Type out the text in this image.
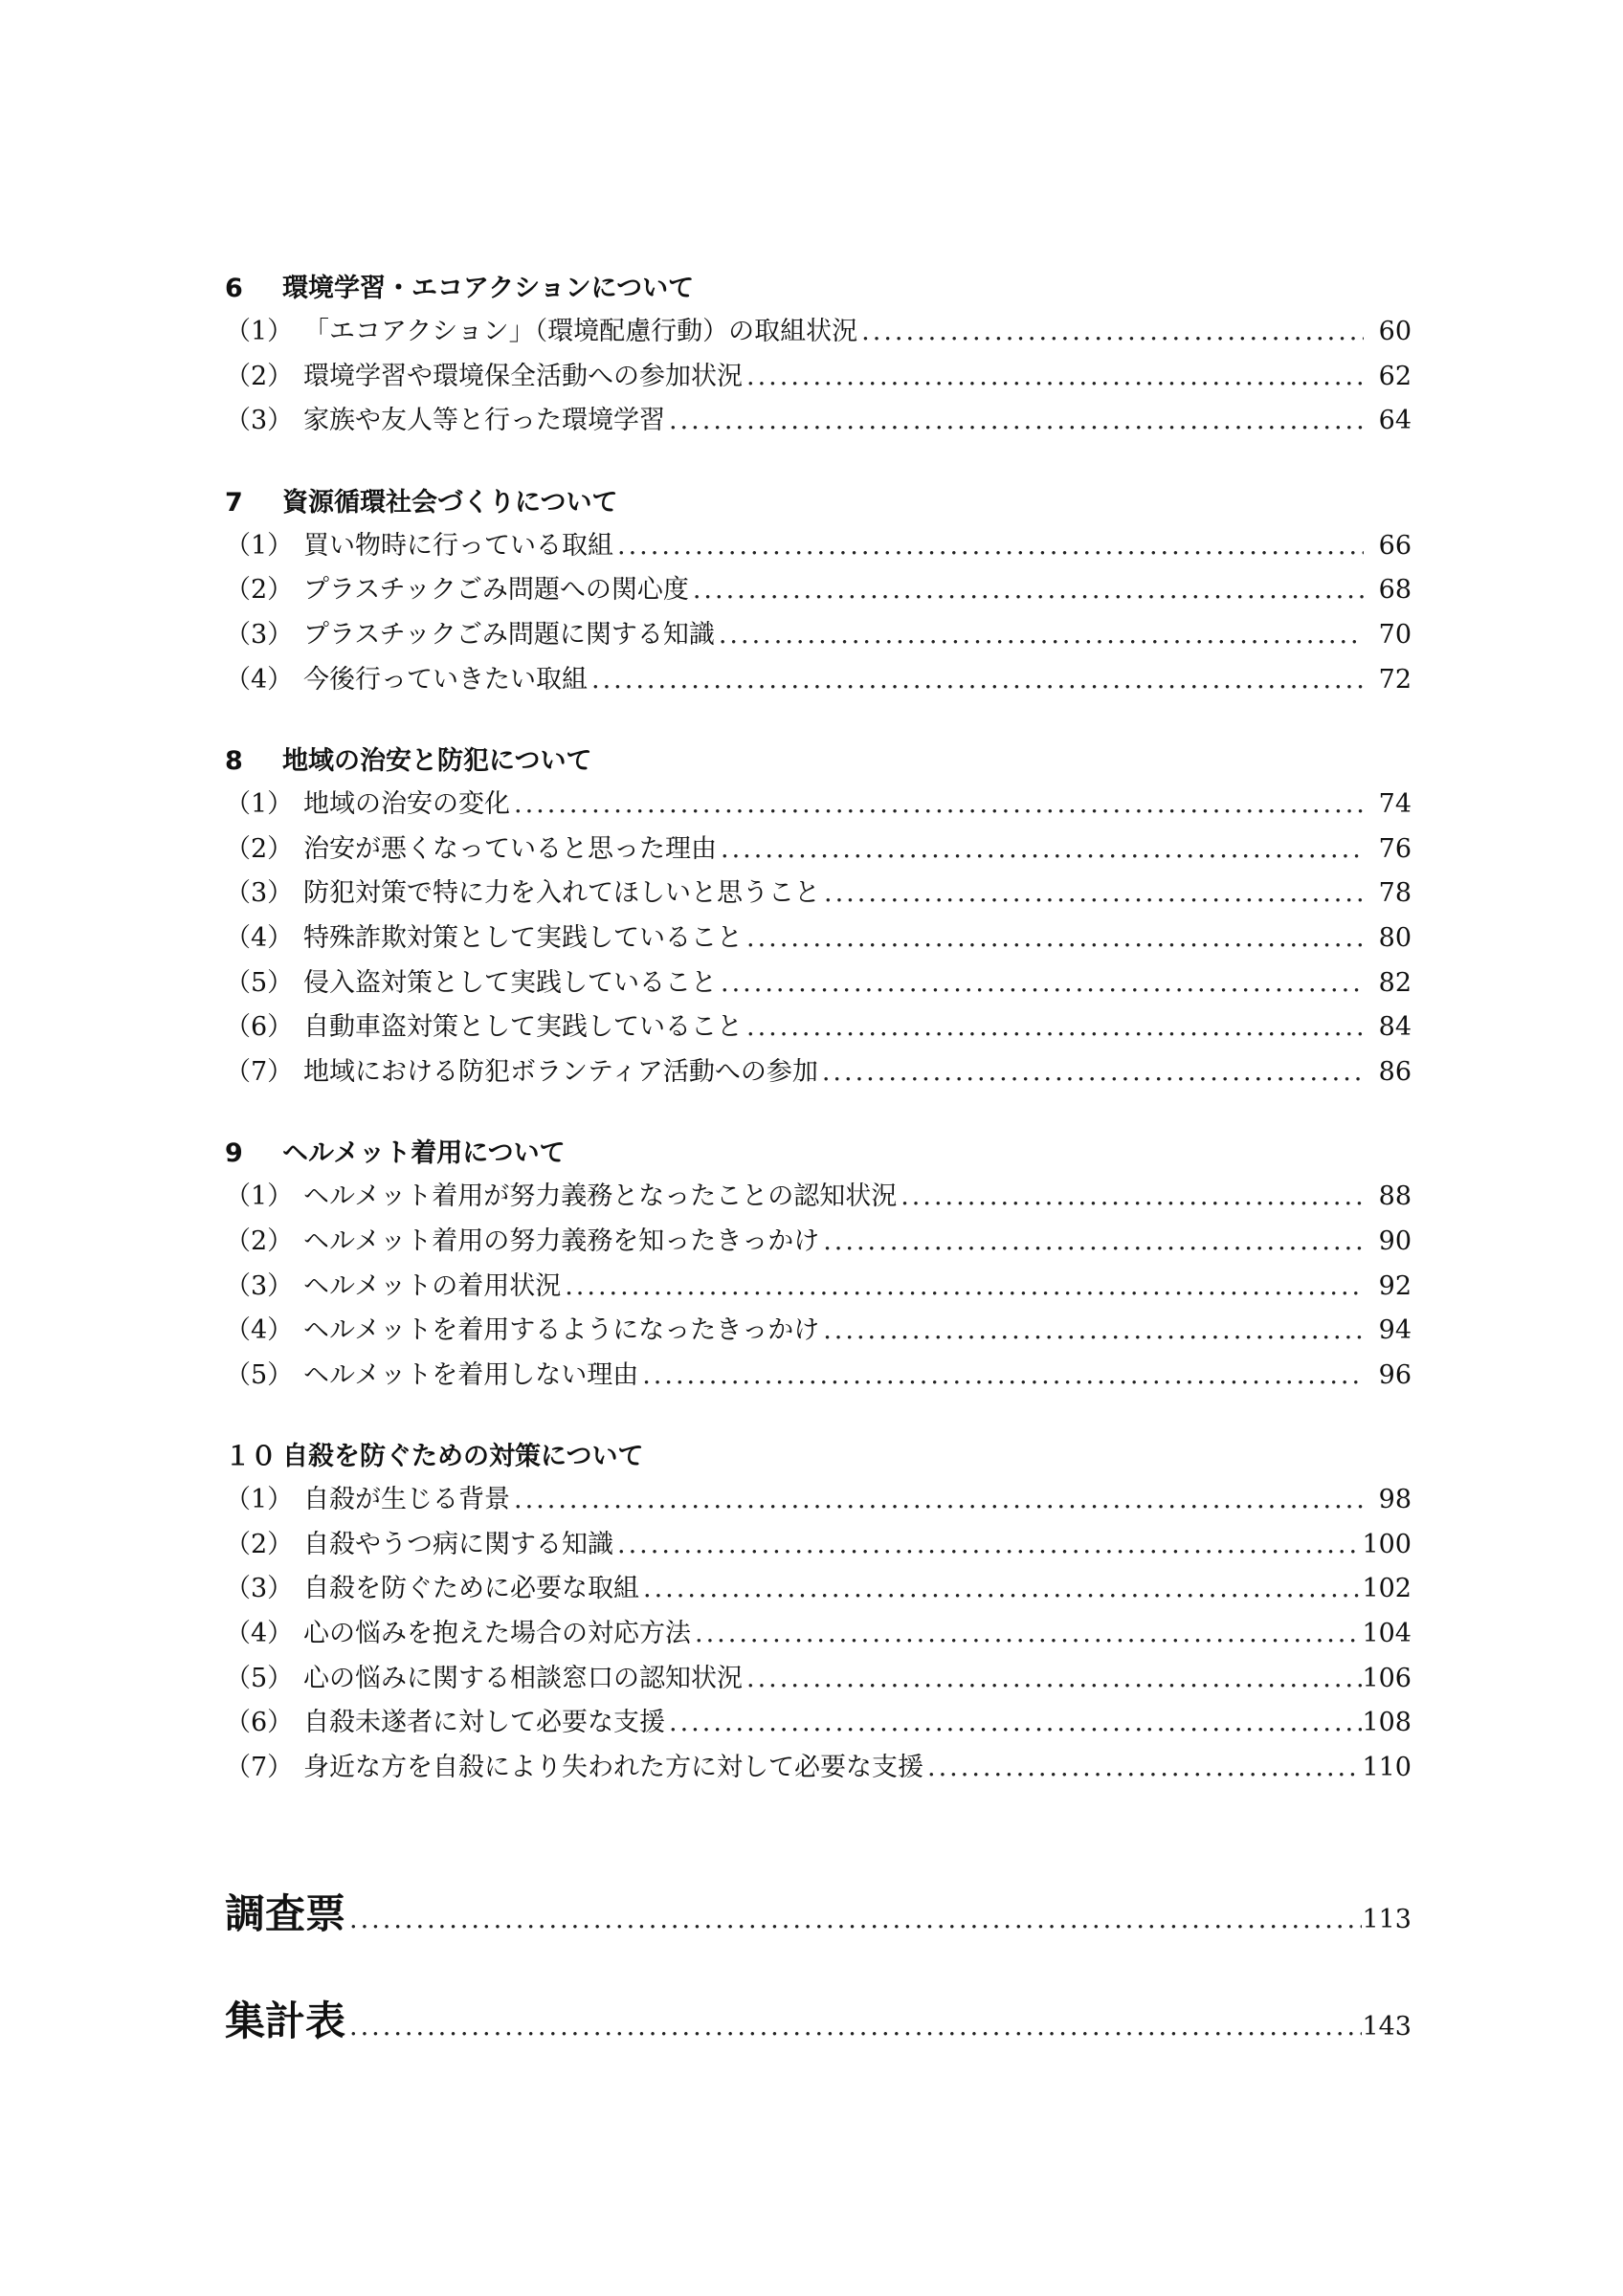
6 環境学習・エコアクションについて
（1） 「エコアクション」（環境配慮行動）の取組状況 .....	60
（2） 環境学習や環境保全活動への参加状況 .....	62
（3） 家族や友人等と行った環境学習 .....	64
7 資源循環社会づくりについて
（1） 買い物時に行っている取組 .....	66
（2） プラスチックごみ問題への関心度 .....	68
（3） プラスチックごみ問題に関する知識 .....	70
（4） 今後行っていきたい取組 .....	72
8 地域の治安と防犯について
（1） 地域の治安の変化 .....	74
（2） 治安が悪くなっていると思った理由 .....	76
（3） 防犯対策で特に力を入れてほしいと思うこと .....	78
（4） 特殊詐欺対策として実践していること .....	80
（5） 侵入盗対策として実践していること .....	82
（6） 自動車盗対策として実践していること .....	84
（7） 地域における防犯ボランティア活動への参加 .....	86
9 ヘルメット着用について
（1） ヘルメット着用が努力義務となったことの認知状況 .....	88
（2） ヘルメット着用の努力義務を知ったきっかけ .....	90
（3） ヘルメットの着用状況 .....	92
（4） ヘルメットを着用するようになったきっかけ .....	94
（5） ヘルメットを着用しない理由 .....	96
１０ 自殺を防ぐための対策について
（1） 自殺が生じる背景 .....	98
（2） 自殺やうつ病に関する知識 .....	100
（3） 自殺を防ぐために必要な取組 .....	102
（4） 心の悩みを抱えた場合の対応方法 .....	104
（5） 心の悩みに関する相談窓口の認知状況 .....	106
（6） 自殺未遂者に対して必要な支援 .....	108
（7） 身近な方を自殺により失われた方に対して必要な支援 .....	110
調査票 .....	113
集計表 .....	143
